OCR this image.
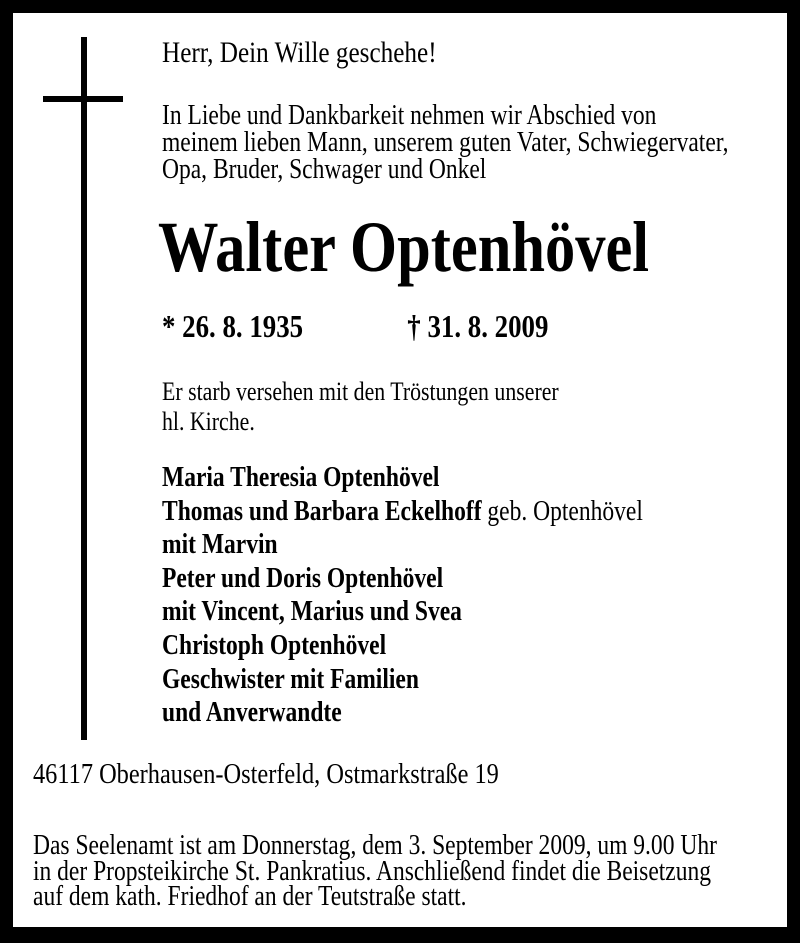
Herr, Dein Wille geschehe!
In Liebe und Dankbarkeit nehmen wir Abschied von
meinem lieben Mann, unserem guten Vater, Schwiegervater,
Opa, Bruder, Schwager und Onkel
Walter Optenhövel
* 26. 8. 1935	† 31. 8. 2009
Er starb versehen mit den Tröstungen unserer
hl. Kirche.
Maria Theresia Optenhövel
Thomas und Barbara Eckelhoff geb. Optenhövel
mit Marvin
Peter und Doris Optenhövel
mit Vincent, Marius und Svea
Christoph Optenhövel
Geschwister mit Familien
und Anverwandte
46117 Oberhausen-Osterfeld, Ostmarkstraße 19
Das Seelenamt ist am Donnerstag, dem 3. September 2009, um 9.00 Uhr
in der Propsteikirche St. Pankratius. Anschließend findet die Beisetzung
auf dem kath. Friedhof an der Teutstraße statt.
